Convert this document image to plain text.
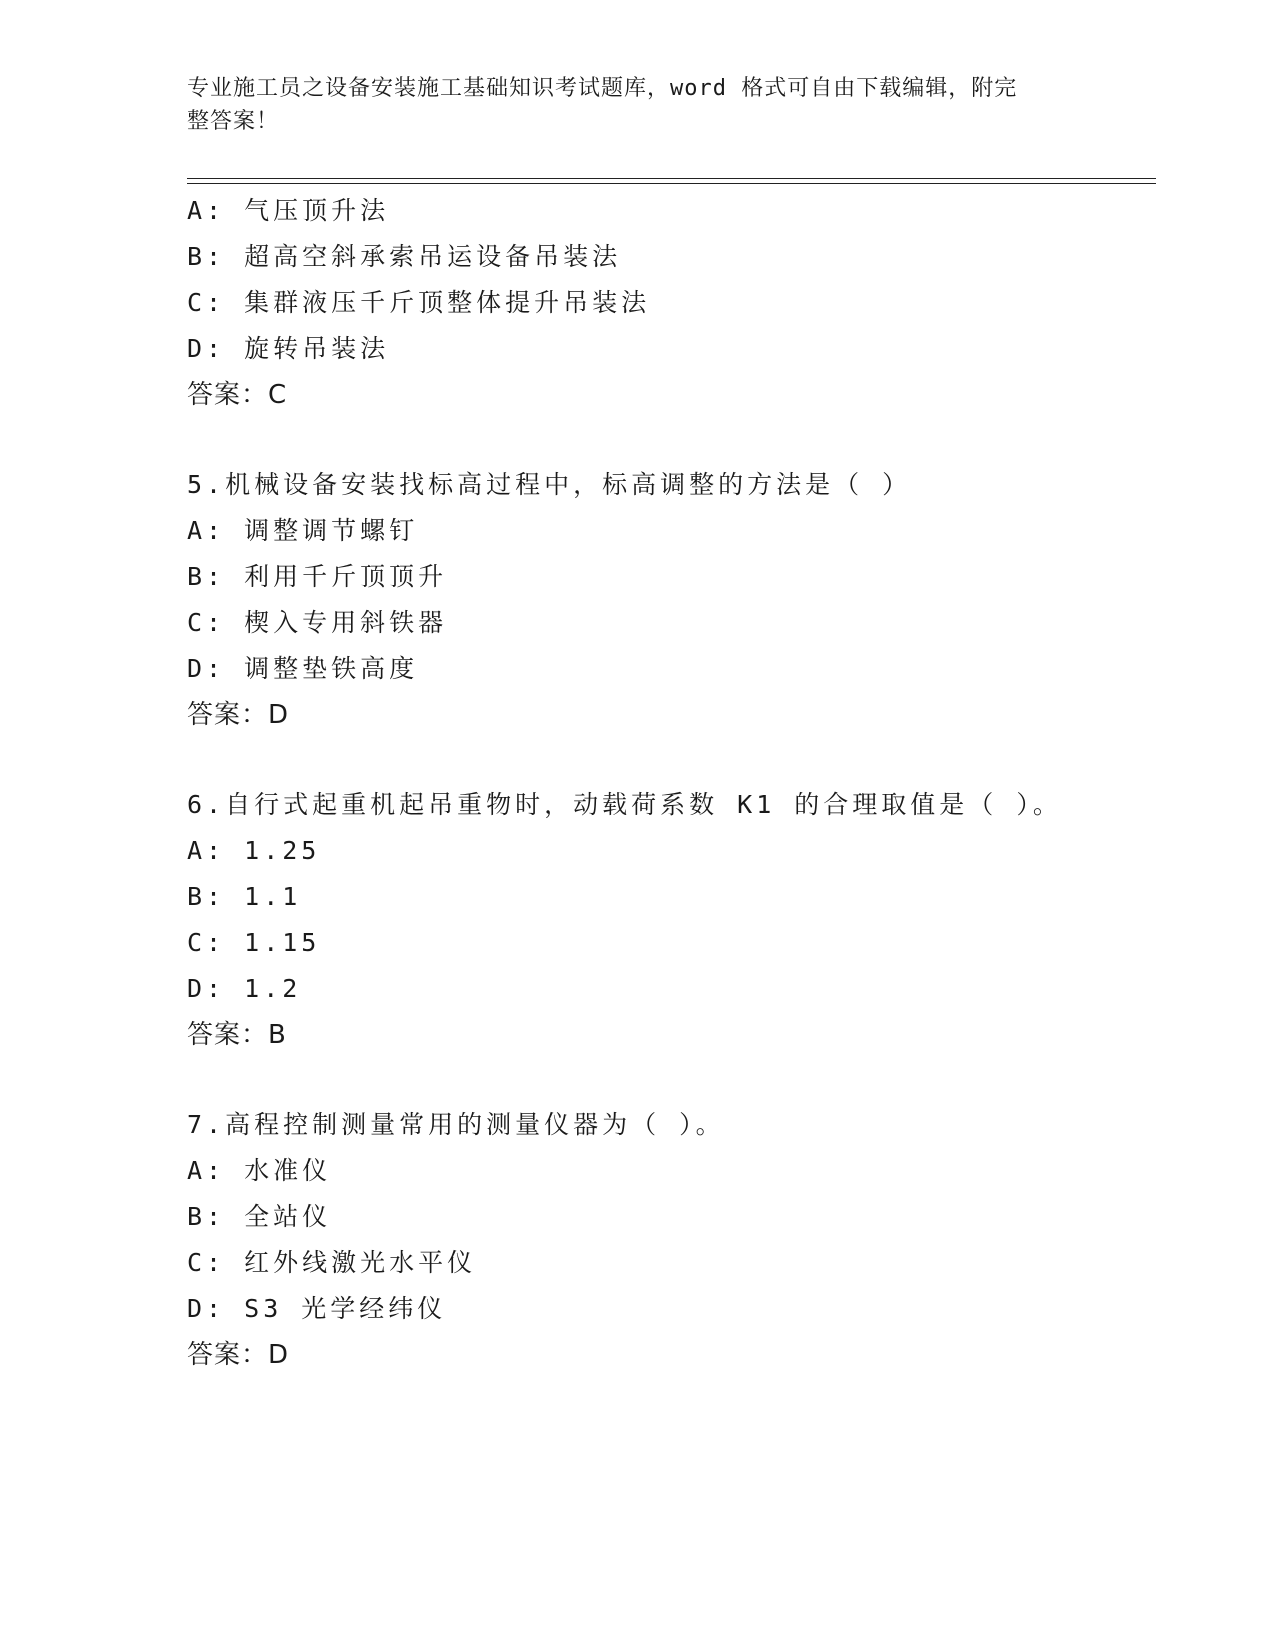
专业施工员之设备安装施工基础知识考试题库，word 格式可自由下载编辑，附完
整答案！
A: 气压顶升法
B: 超高空斜承索吊运设备吊装法
C: 集群液压千斤顶整体提升吊装法
D: 旋转吊装法
答案：C
5.机械设备安装找标高过程中，标高调整的方法是（ ）
A: 调整调节螺钉
B: 利用千斤顶顶升
C: 楔入专用斜铁器
D: 调整垫铁高度
答案：D
6.自行式起重机起吊重物时，动载荷系数 K1 的合理取值是（ ）。
A: 1.25
B: 1.1
C: 1.15
D: 1.2
答案：B
7.高程控制测量常用的测量仪器为（ ）。
A: 水准仪
B: 全站仪
C: 红外线激光水平仪
D: S3 光学经纬仪
答案：D
